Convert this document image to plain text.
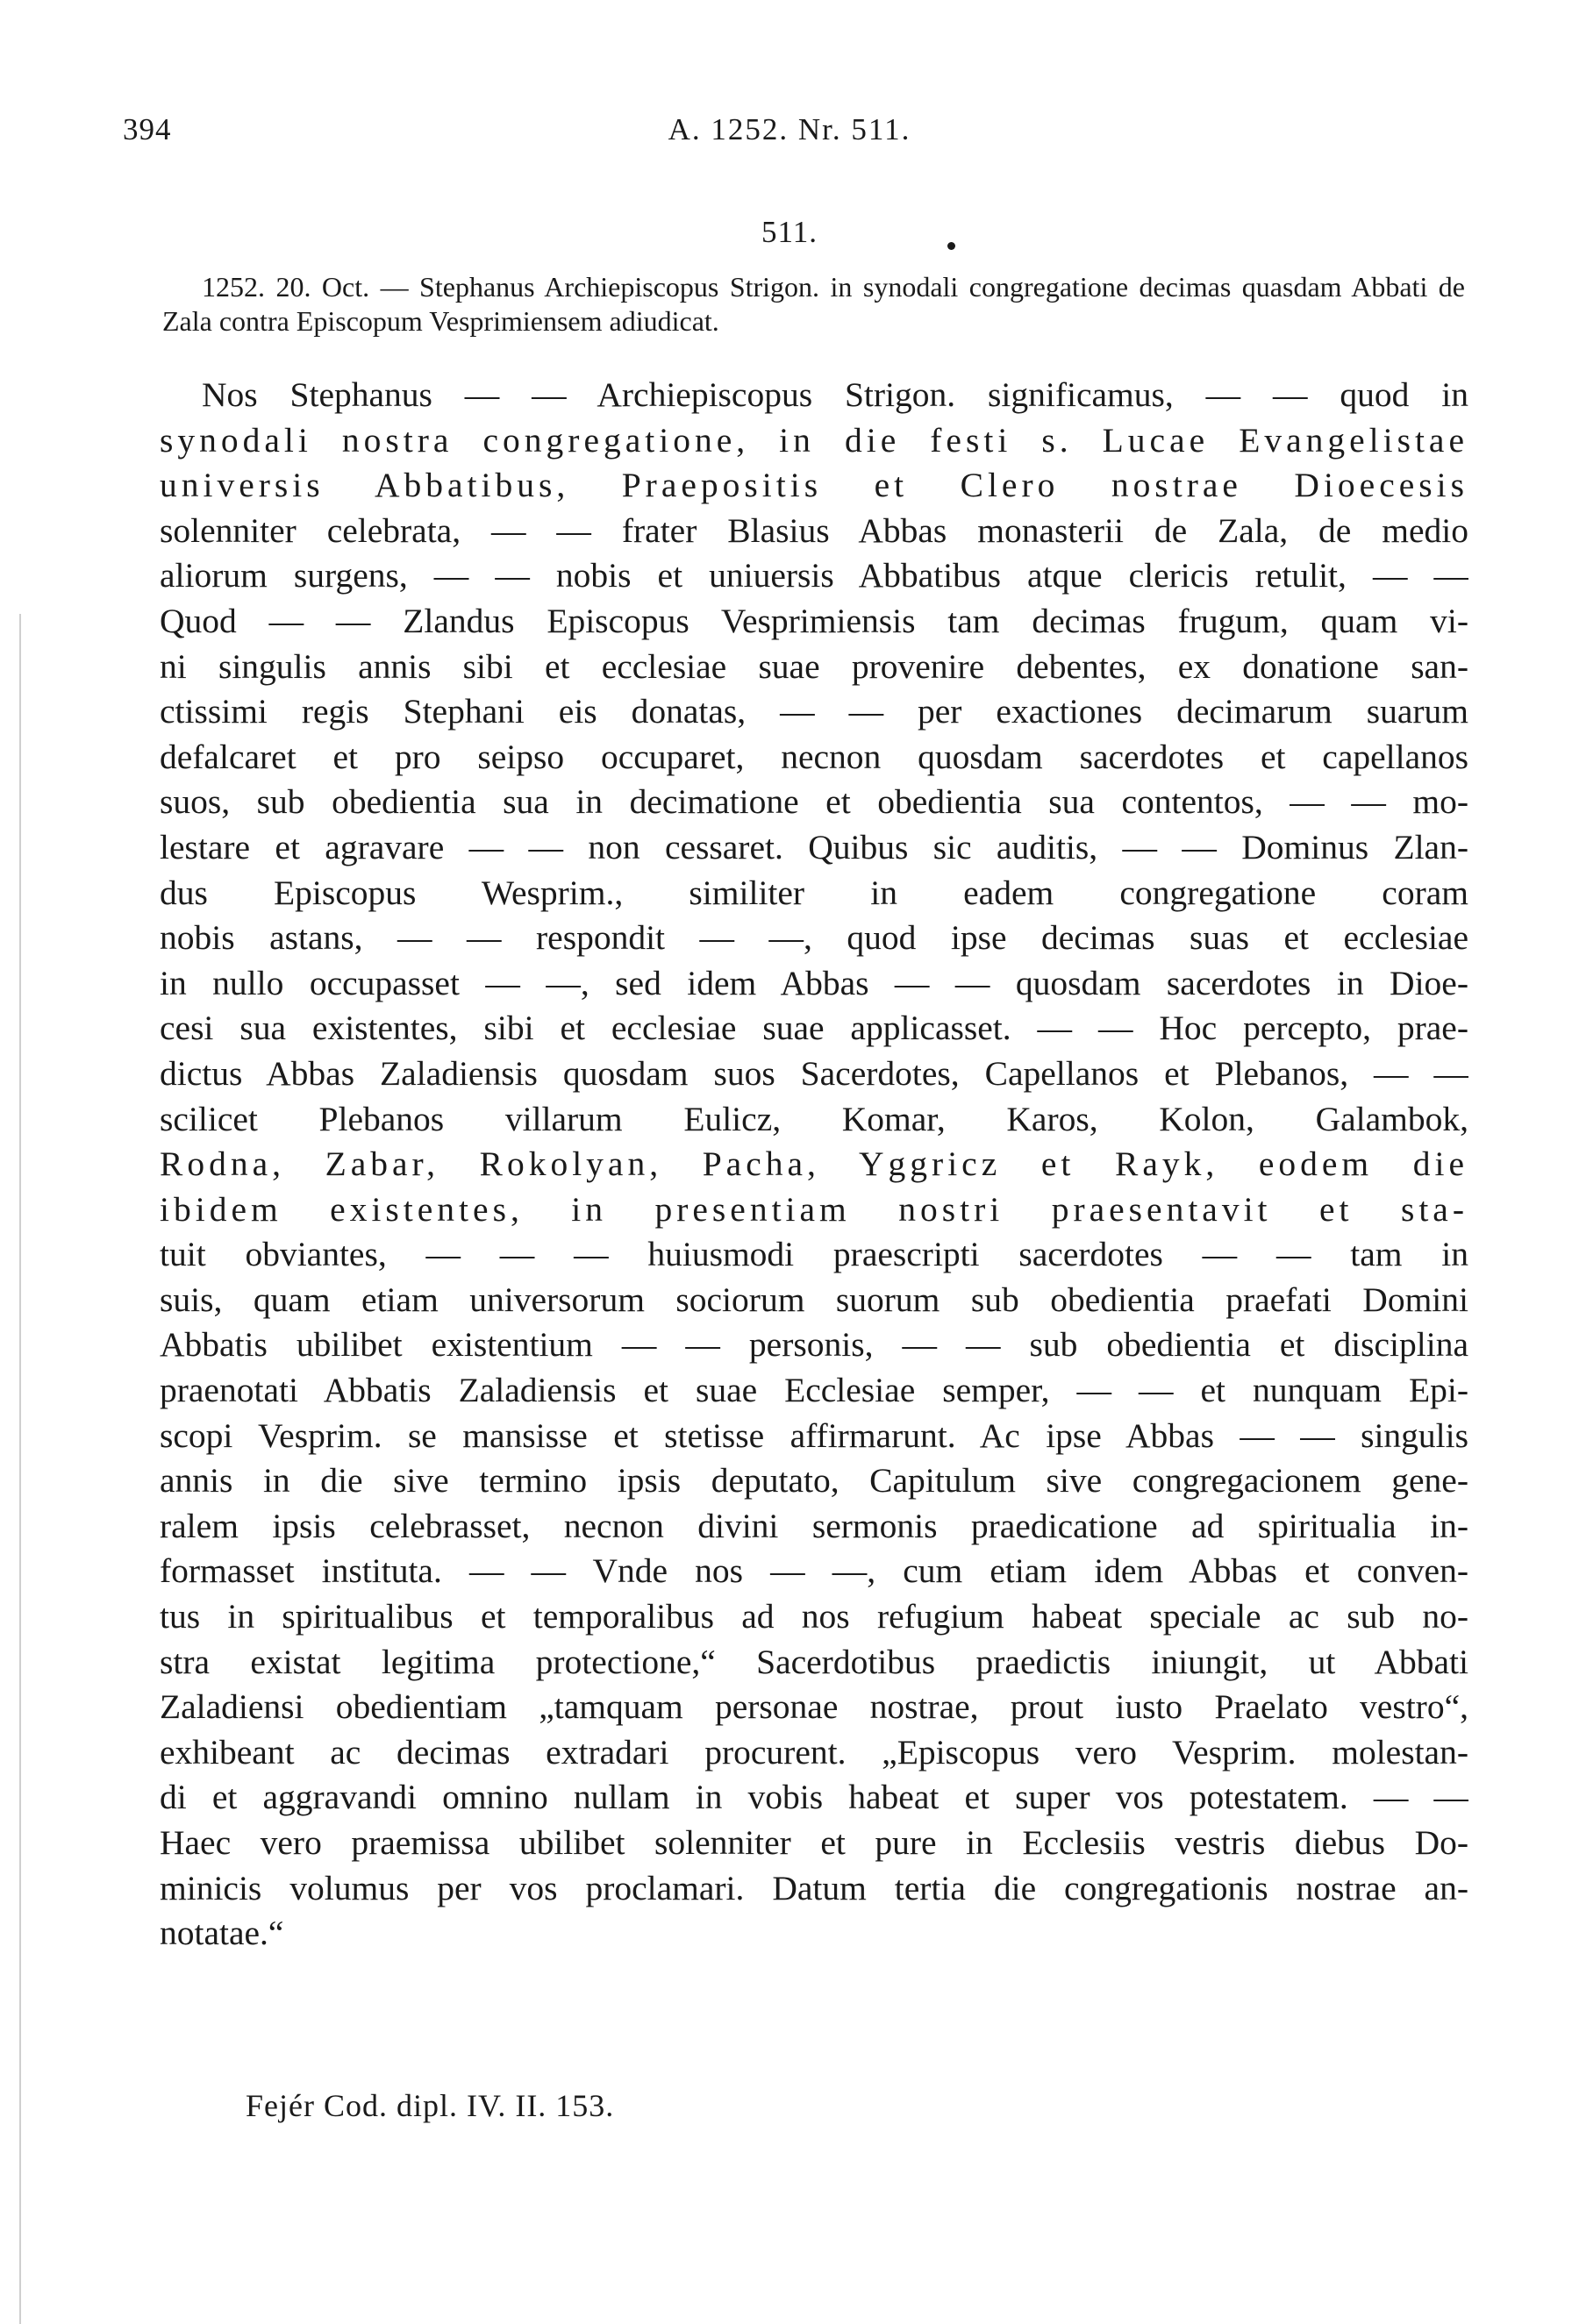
394	A. 1252. Nr. 511.
511.

1252. 20. Oct. — Stephanus Archiepiscopus Strigon. in synodali congregatione decimas quasdam Abbati de Zala contra Episcopum Vesprimiensem adiudicat.

Nos Stephanus — — Archiepiscopus Strigon. significamus, — — quod in
synodali nostra congregatione, in die festi s. Lucae Evangelistae
universis Abbatibus, Praepositis et Clero nostrae Dioecesis
solenniter celebrata, — — frater Blasius Abbas monasterii de Zala, de medio
aliorum surgens, — — nobis et uniuersis Abbatibus atque clericis retulit, — —
Quod — — Zlandus Episcopus Vesprimiensis tam decimas frugum, quam vi-
ni singulis annis sibi et ecclesiae suae provenire debentes, ex donatione san-
ctissimi regis Stephani eis donatas, — — per exactiones decimarum suarum
defalcaret et pro seipso occuparet, necnon quosdam sacerdotes et capellanos
suos, sub obedientia sua in decimatione et obedientia sua contentos, — — mo-
lestare et agravare — — non cessaret. Quibus sic auditis, — — Dominus Zlan-
dus Episcopus Wesprim., similiter in eadem congregatione coram
nobis astans, — — respondit — —, quod ipse decimas suas et ecclesiae
in nullo occupasset — —, sed idem Abbas — — quosdam sacerdotes in Dioe-
cesi sua existentes, sibi et ecclesiae suae applicasset. — — Hoc percepto, prae-
dictus Abbas Zaladiensis quosdam suos Sacerdotes, Capellanos et Plebanos, — —
scilicet Plebanos villarum Eulicz, Komar, Karos, Kolon, Galambok,
Rodna, Zabar, Rokolyan, Pacha, Yggricz et Rayk, eodem die
ibidem existentes, in presentiam nostri praesentavit et sta-
tuit obviantes, — — — huiusmodi praescripti sacerdotes — — tam in
suis, quam etiam universorum sociorum suorum sub obedientia praefati Domini
Abbatis ubilibet existentium — — personis, — — sub obedientia et disciplina
praenotati Abbatis Zaladiensis et suae Ecclesiae semper, — — et nunquam Epi-
scopi Vesprim. se mansisse et stetisse affirmarunt. Ac ipse Abbas — — singulis
annis in die sive termino ipsis deputato, Capitulum sive congregacionem gene-
ralem ipsis celebrasset, necnon divini sermonis praedicatione ad spiritualia in-
formasset instituta. — — Vnde nos — —, cum etiam idem Abbas et conven-
tus in spiritualibus et temporalibus ad nos refugium habeat speciale ac sub no-
stra existat legitima protectione,“ Sacerdotibus praedictis iniungit, ut Abbati
Zaladiensi obedientiam „tamquam personae nostrae, prout iusto Praelato vestro“,
exhibeant ac decimas extradari procurent. „Episcopus vero Vesprim. molestan-
di et aggravandi omnino nullam in vobis habeat et super vos potestatem. — —
Haec vero praemissa ubilibet solenniter et pure in Ecclesiis vestris diebus Do-
minicis volumus per vos proclamari. Datum tertia die congregationis nostrae an-
notatae.“
Fejér Cod. dipl. IV. II. 153.
